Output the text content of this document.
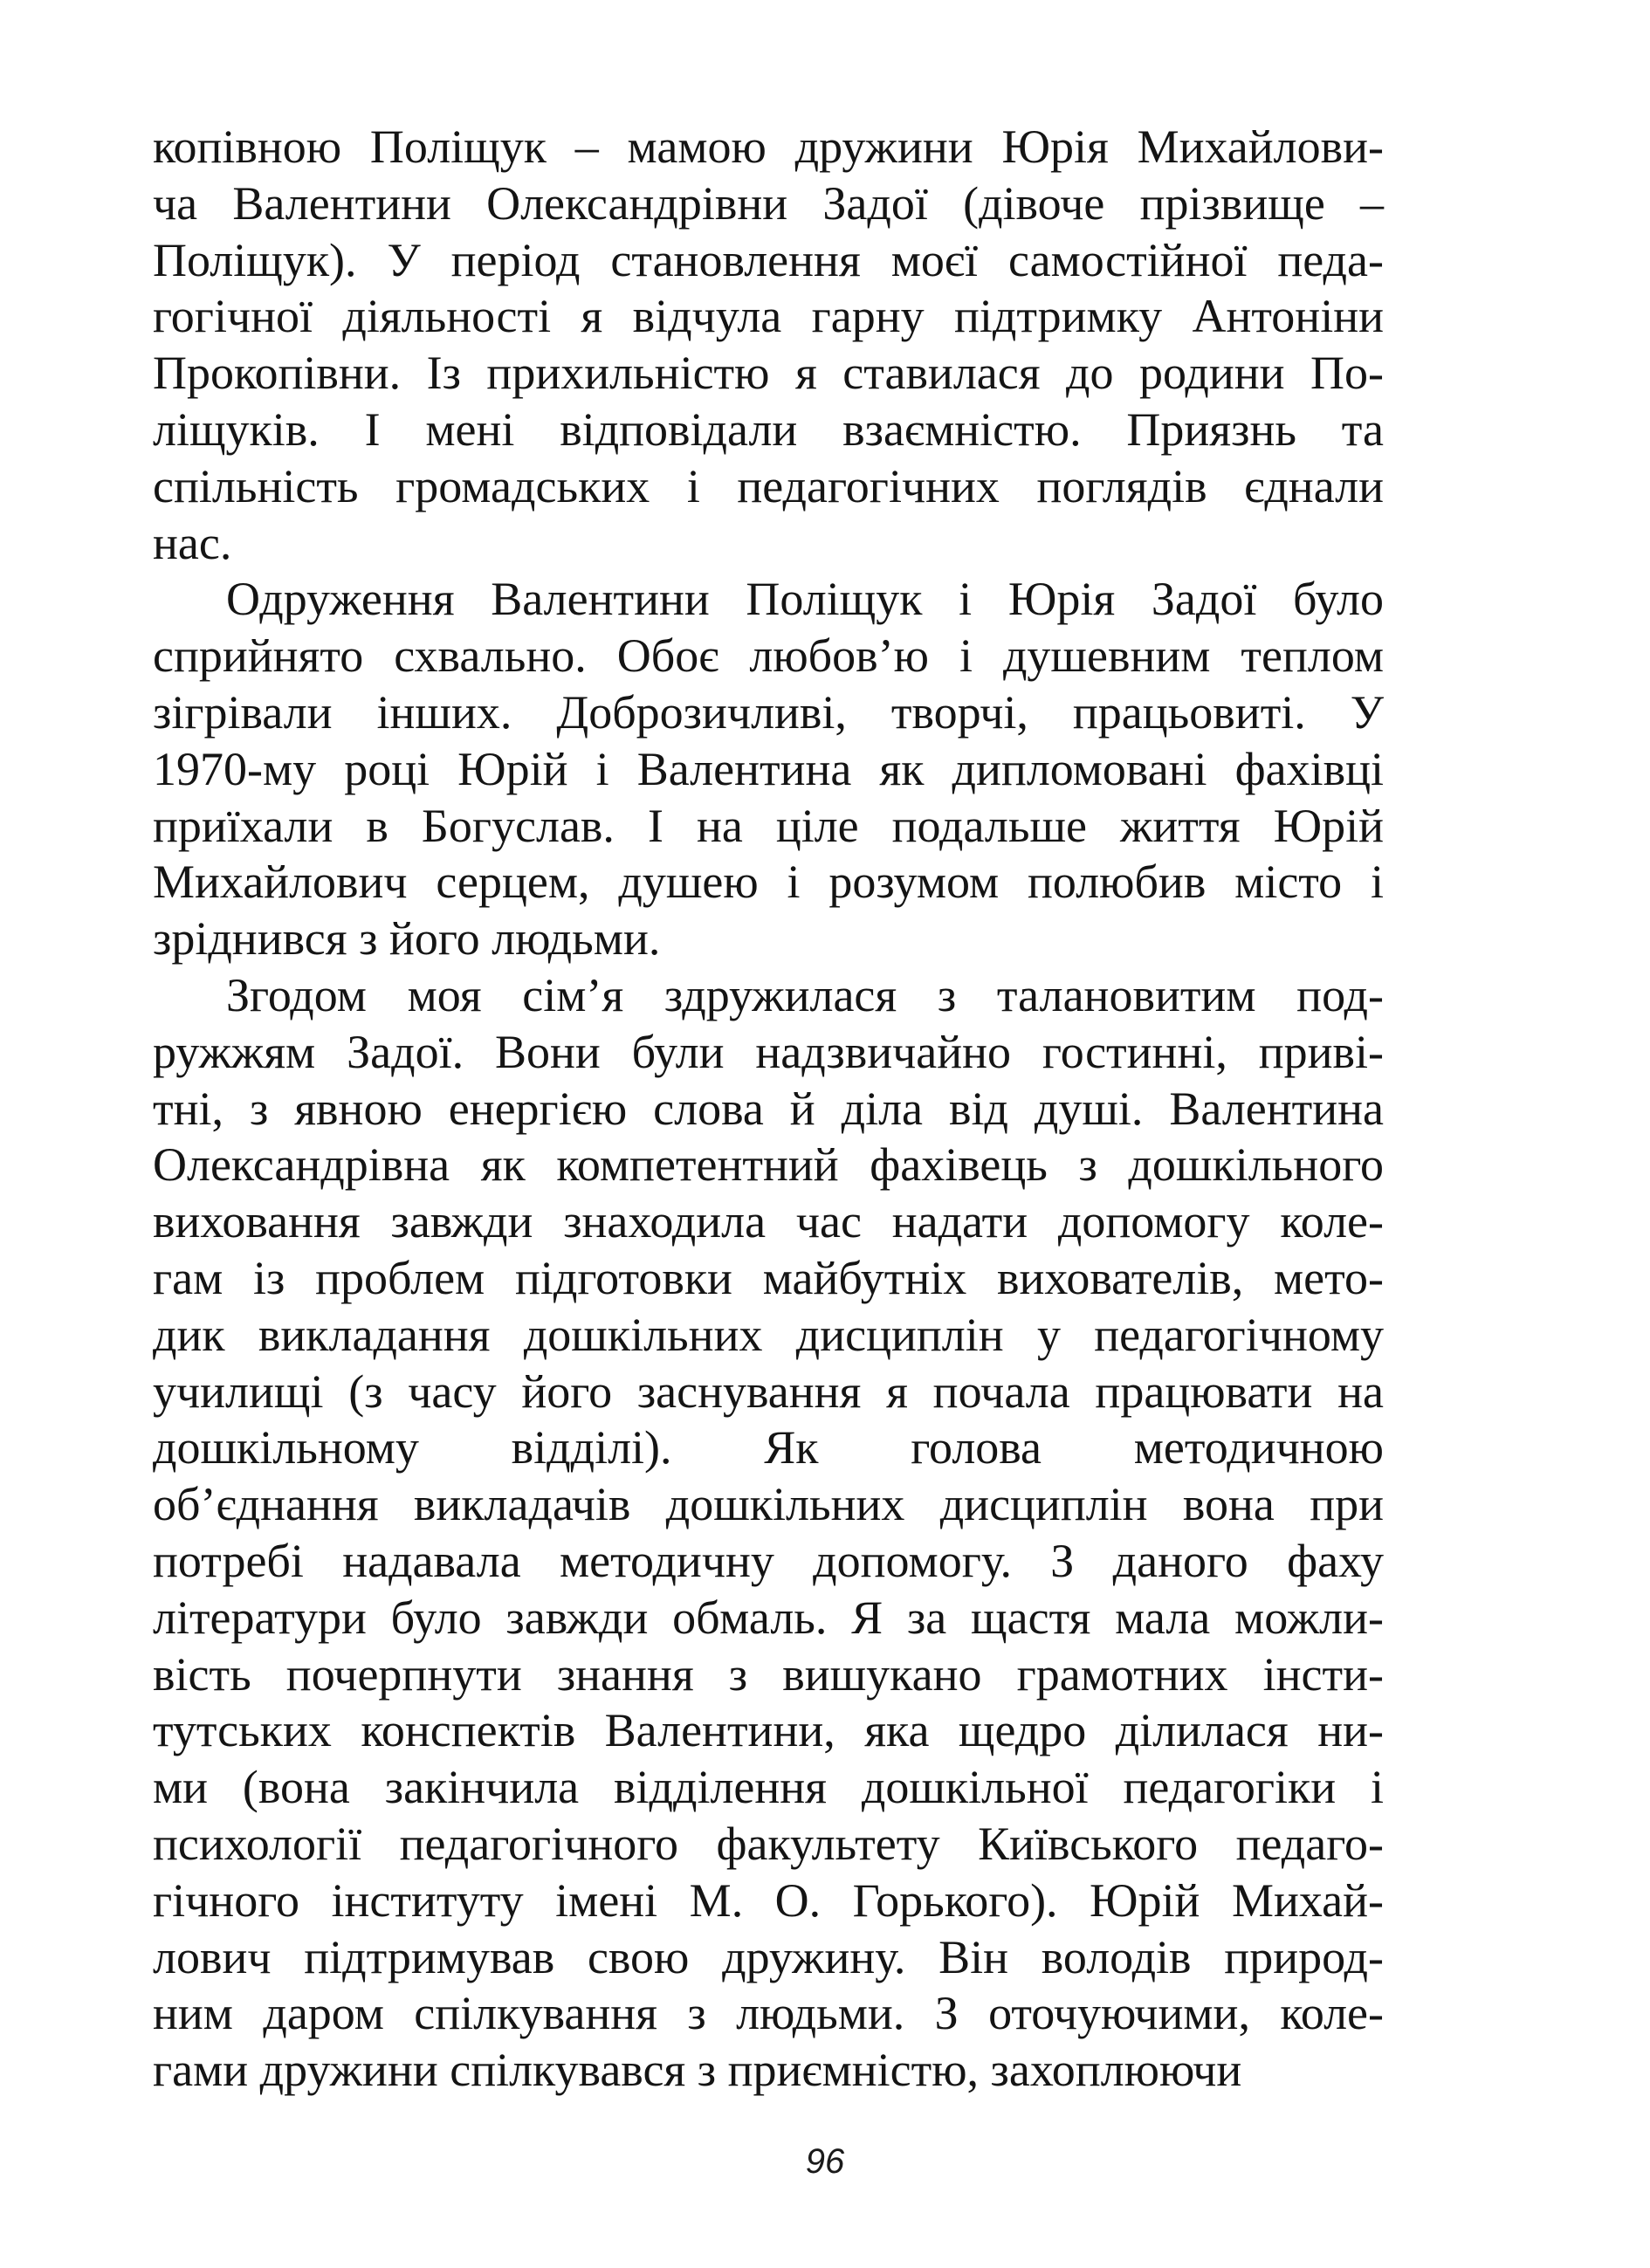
копівною Поліщук – мамою дружини Юрія Михайлови-
ча Валентини Олександрівни Задої (дівоче прізвище –
Поліщук). У період становлення моєї самостійної педа-
гогічної діяльності я відчула гарну підтримку Антоніни
Прокопівни. Із прихильністю я ставилася до родини По-
ліщуків. І мені відповідали взаємністю. Приязнь та
спільність громадських і педагогічних поглядів єднали
нас.
Одруження Валентини Поліщук і Юрія Задої було
сприйнято схвально. Обоє любов’ю і душевним теплом
зігрівали інших. Доброзичливі, творчі, працьовиті. У
1970-му році Юрій і Валентина як дипломовані фахівці
приїхали в Богуслав. І на ціле подальше життя Юрій
Михайлович серцем, душею і розумом полюбив місто і
зріднився з його людьми.
Згодом моя сім’я здружилася з талановитим под-
ружжям Задої. Вони були надзвичайно гостинні, приві-
тні, з явною енергією слова й діла від душі. Валентина
Олександрівна як компетентний фахівець з дошкільного
виховання завжди знаходила час надати допомогу коле-
гам із проблем підготовки майбутніх вихователів, мето-
дик викладання дошкільних дисциплін у педагогічному
училищі (з часу його заснування я почала працювати на
дошкільному відділі). Як голова методичною
об’єднання викладачів дошкільних дисциплін вона при
потребі надавала методичну допомогу. З даного фаху
літератури було завжди обмаль. Я за щастя мала можли-
вість почерпнути знання з вишукано грамотних інсти-
тутських конспектів Валентини, яка щедро ділилася ни-
ми (вона закінчила відділення дошкільної педагогіки і
психології педагогічного факультету Київського педаго-
гічного інституту імені М. О. Горького). Юрій Михай-
лович підтримував свою дружину. Він володів природ-
ним даром спілкування з людьми. З оточуючими, коле-
гами дружини спілкувався з приємністю, захоплюючи
96
